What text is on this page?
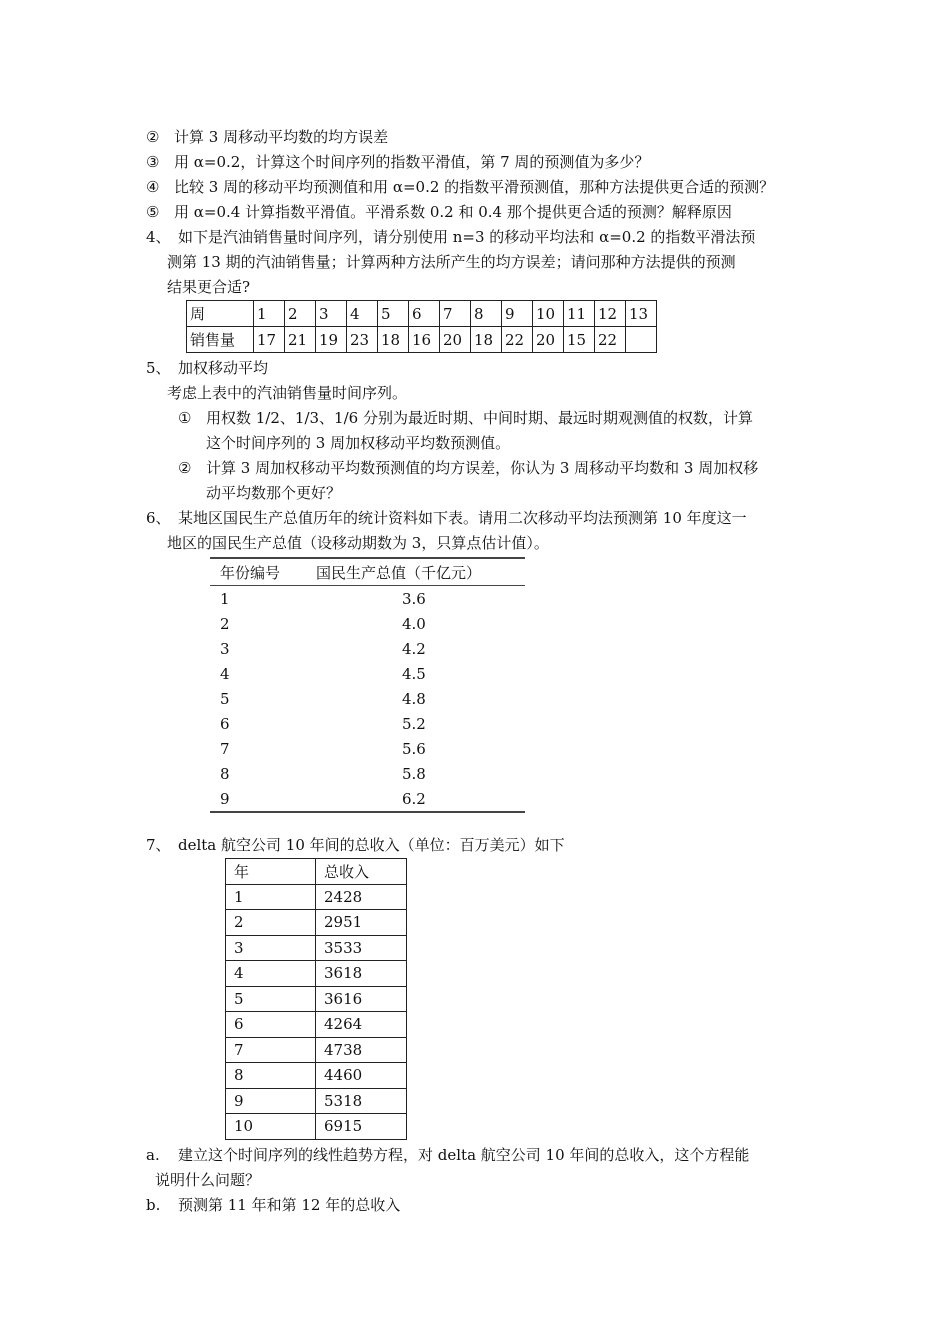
② 计算 3 周移动平均数的均方误差
③ 用 α=0.2，计算这个时间序列的指数平滑值，第 7 周的预测值为多少？
④ 比较 3 周的移动平均预测值和用 α=0.2 的指数平滑预测值，那种方法提供更合适的预测？
⑤ 用 α=0.4 计算指数平滑值。平滑系数 0.2 和 0.4 那个提供更合适的预测？解释原因
4、 如下是汽油销售量时间序列，请分别使用 n=3 的移动平均法和 α=0.2 的指数平滑法预
测第 13 期的汽油销售量；计算两种方法所产生的均方误差；请问那种方法提供的预测
结果更合适?
周	1	2	3	4	5	6	7	8	9	10	11	12	13
销售量	17	21	19	23	18	16	20	18	22	20	15	22	
5、 加权移动平均
考虑上表中的汽油销售量时间序列。
① 用权数 1/2、1/3、1/6 分别为最近时期、中间时期、最远时期观测值的权数，计算
这个时间序列的 3 周加权移动平均数预测值。
② 计算 3 周加权移动平均数预测值的均方误差，你认为 3 周移动平均数和 3 周加权移
动平均数那个更好？
6、 某地区国民生产总值历年的统计资料如下表。请用二次移动平均法预测第 10 年度这一
地区的国民生产总值（设移动期数为 3，只算点估计值）。
年份编号	国民生产总值（千亿元）
1	3.6
2	4.0
3	4.2
4	4.5
5	4.8
6	5.2
7	5.6
8	5.8
9	6.2
7、 delta 航空公司 10 年间的总收入（单位：百万美元）如下
年	总收入
1	2428
2	2951
3	3533
4	3618
5	3616
6	4264
7	4738
8	4460
9	5318
10	6915
a. 建立这个时间序列的线性趋势方程，对 delta 航空公司 10 年间的总收入，这个方程能
说明什么问题？
b. 预测第 11 年和第 12 年的总收入
